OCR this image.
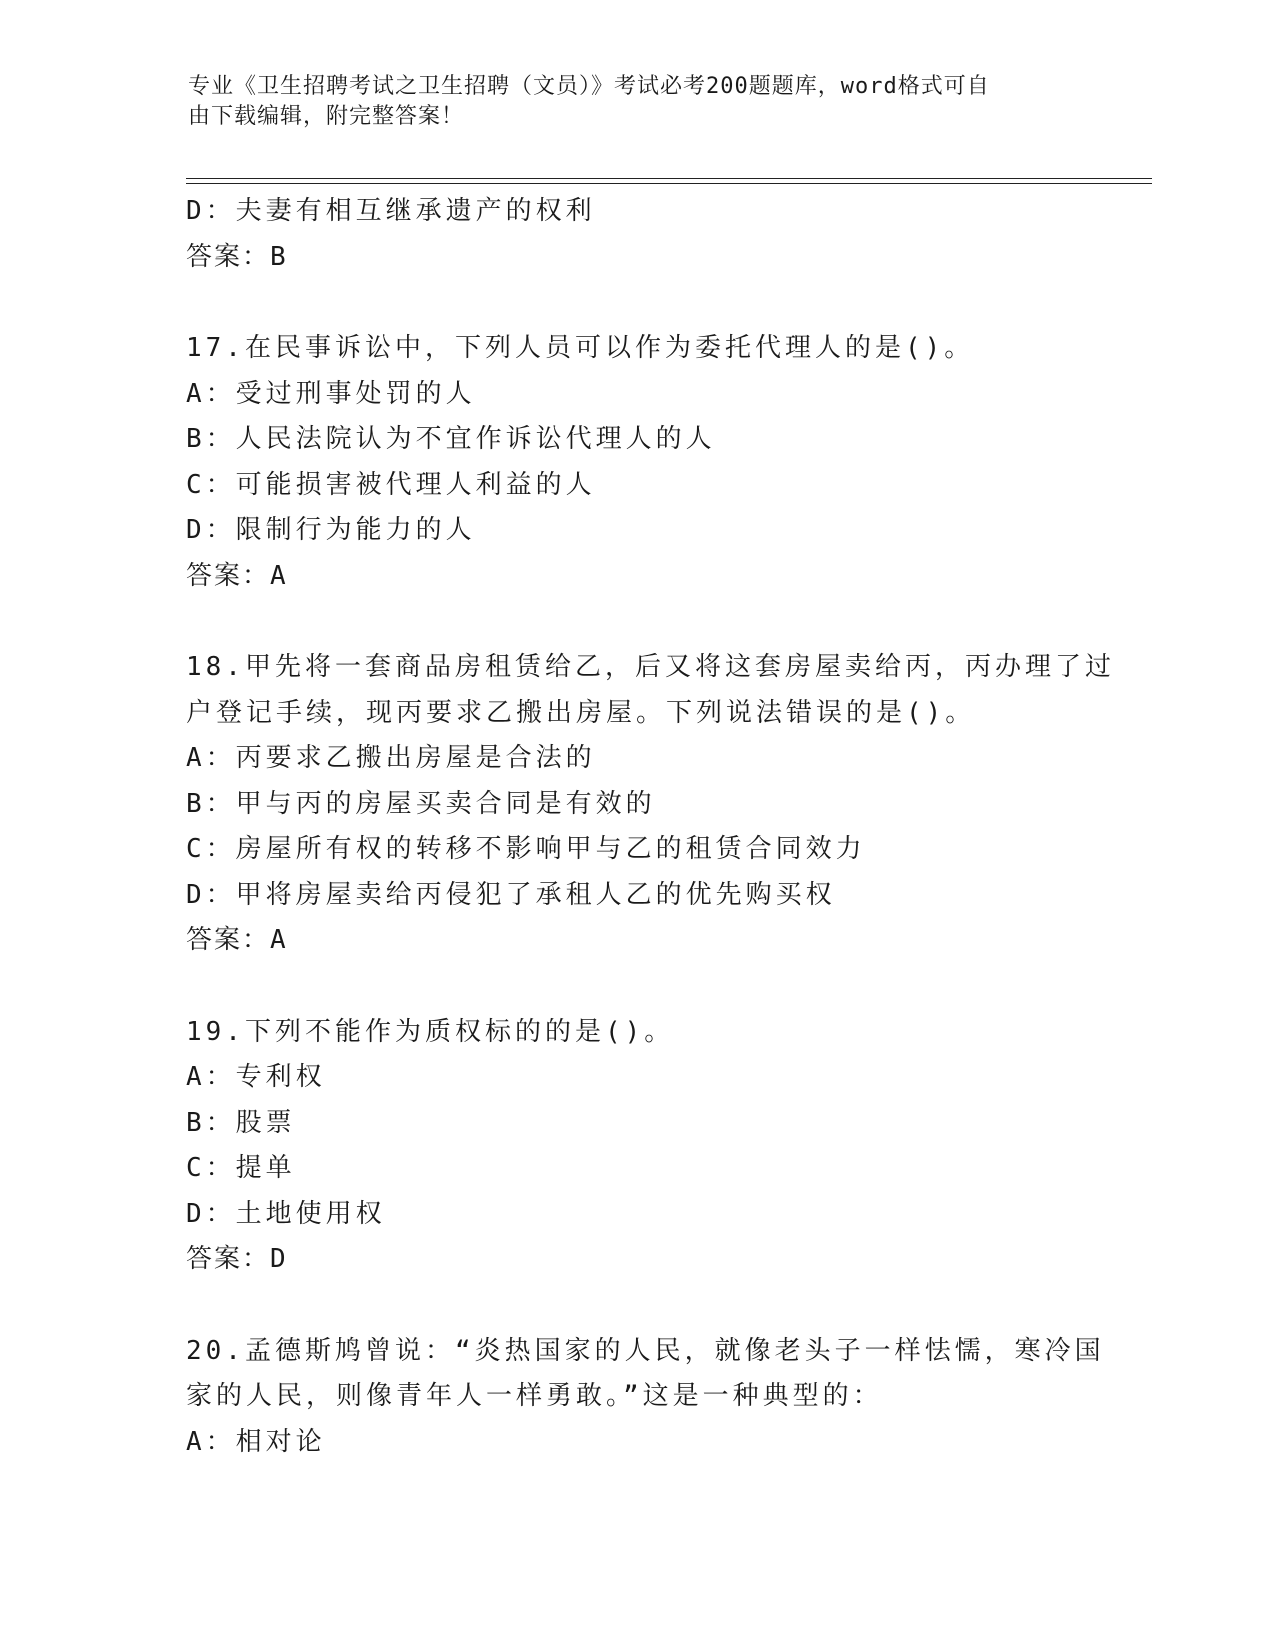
专业《卫生招聘考试之卫生招聘（文员）》考试必考200题题库，word格式可自
由下载编辑，附完整答案！
D：夫妻有相互继承遗产的权利
答案：B
17.在民事诉讼中，下列人员可以作为委托代理人的是()。
A：受过刑事处罚的人
B：人民法院认为不宜作诉讼代理人的人
C：可能损害被代理人利益的人
D：限制行为能力的人
答案：A
18.甲先将一套商品房租赁给乙，后又将这套房屋卖给丙，丙办理了过
户登记手续，现丙要求乙搬出房屋。下列说法错误的是()。
A：丙要求乙搬出房屋是合法的
B：甲与丙的房屋买卖合同是有效的
C：房屋所有权的转移不影响甲与乙的租赁合同效力
D：甲将房屋卖给丙侵犯了承租人乙的优先购买权
答案：A
19.下列不能作为质权标的的是()。
A：专利权
B：股票
C：提单
D：土地使用权
答案：D
20.孟德斯鸠曾说：“炎热国家的人民，就像老头子一样怯懦，寒冷国
家的人民，则像青年人一样勇敢。”这是一种典型的：
A：相对论
